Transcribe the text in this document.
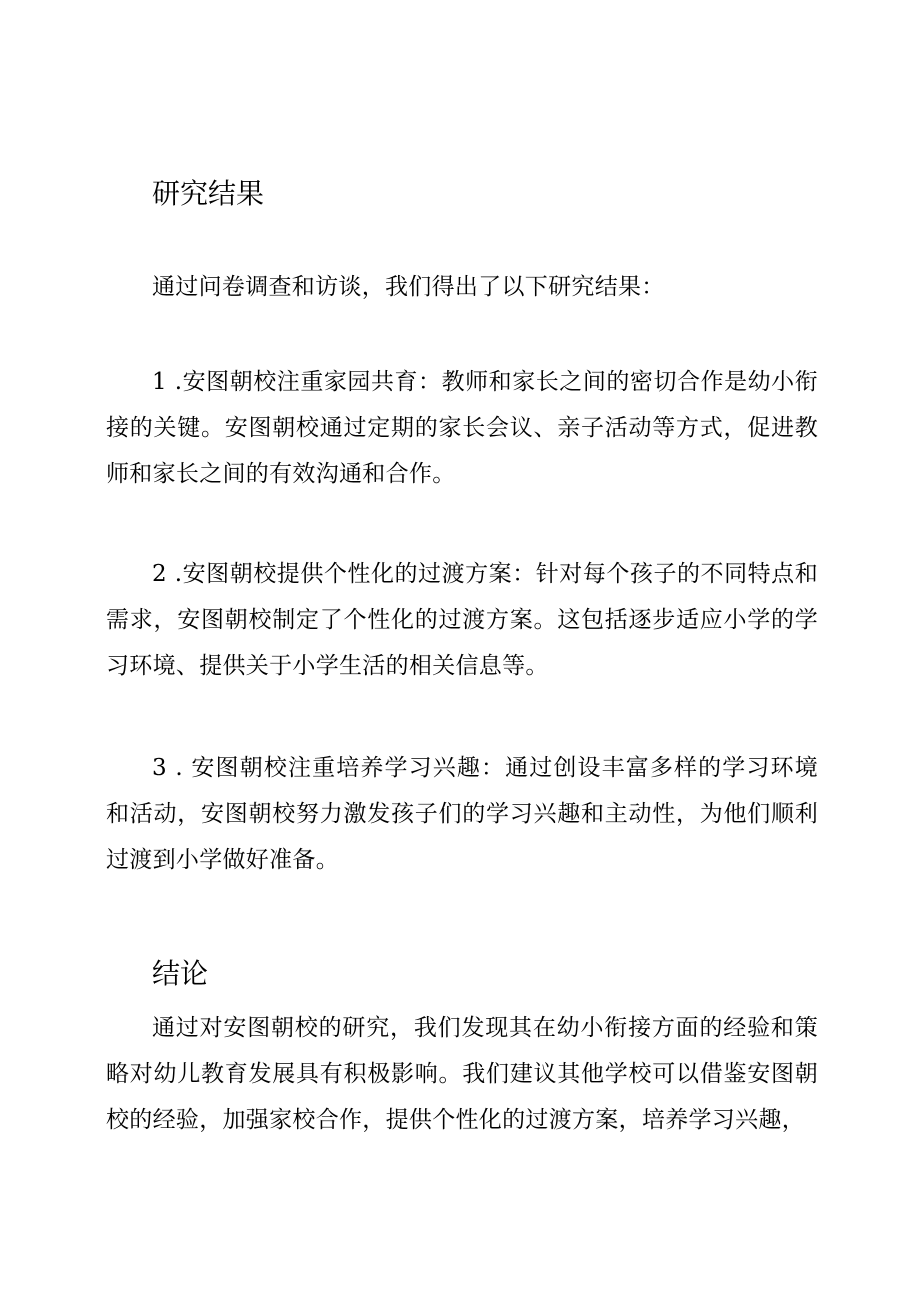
研究结果

通过问卷调查和访谈，我们得出了以下研究结果：

1 .安图朝校注重家园共育：教师和家长之间的密切合作是幼小衔接的关键。安图朝校通过定期的家长会议、亲子活动等方式，促进教师和家长之间的有效沟通和合作。

2 .安图朝校提供个性化的过渡方案：针对每个孩子的不同特点和需求，安图朝校制定了个性化的过渡方案。这包括逐步适应小学的学习环境、提供关于小学生活的相关信息等。

3 . 安图朝校注重培养学习兴趣：通过创设丰富多样的学习环境和活动，安图朝校努力激发孩子们的学习兴趣和主动性，为他们顺利过渡到小学做好准备。

结论

通过对安图朝校的研究，我们发现其在幼小衔接方面的经验和策略对幼儿教育发展具有积极影响。我们建议其他学校可以借鉴安图朝校的经验，加强家校合作，提供个性化的过渡方案，培养学习兴趣，
